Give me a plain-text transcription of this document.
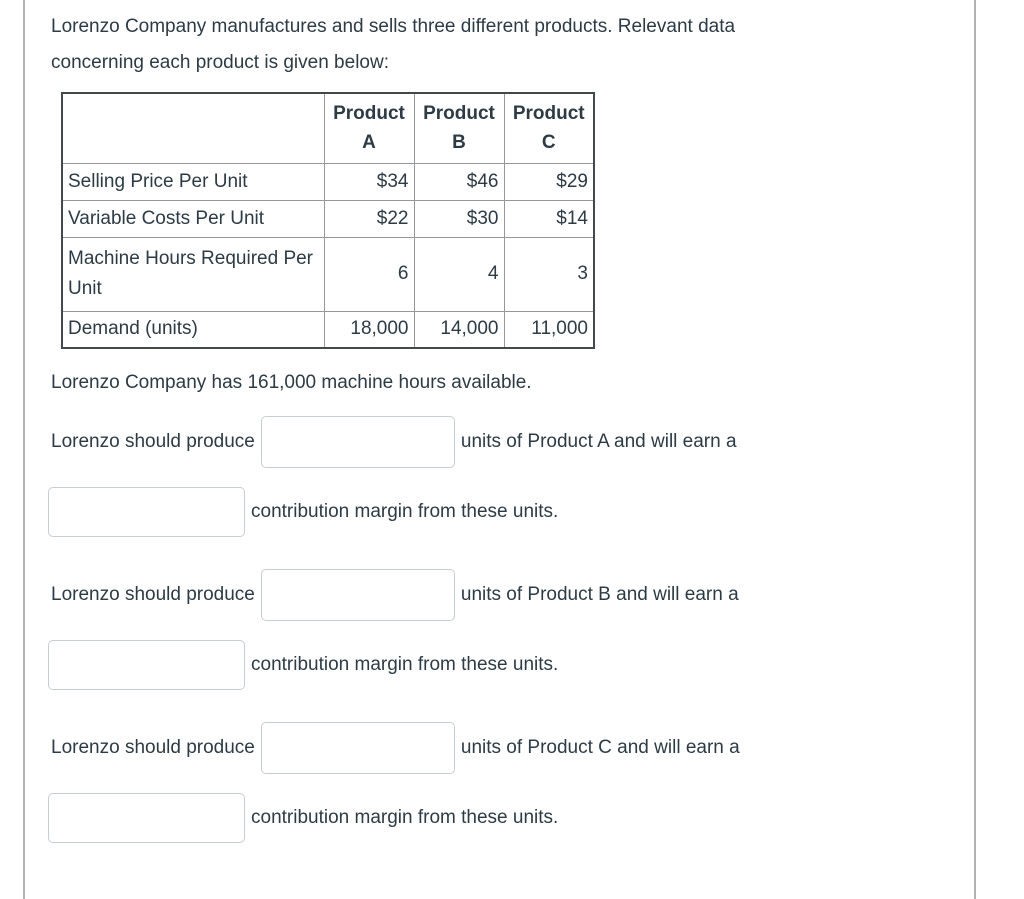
Lorenzo Company manufactures and sells three different products. Relevant data
concerning each product is given below:

	Product A	Product B	Product C
Selling Price Per Unit	$34	$46	$29
Variable Costs Per Unit	$22	$30	$14
Machine Hours Required Per Unit	6	4	3
Demand (units)	18,000	14,000	11,000

Lorenzo Company has 161,000 machine hours available.

Lorenzo should produce	units of Product A and will earn a
contribution margin from these units.
Lorenzo should produce	units of Product B and will earn a
contribution margin from these units.
Lorenzo should produce	units of Product C and will earn a
contribution margin from these units.
